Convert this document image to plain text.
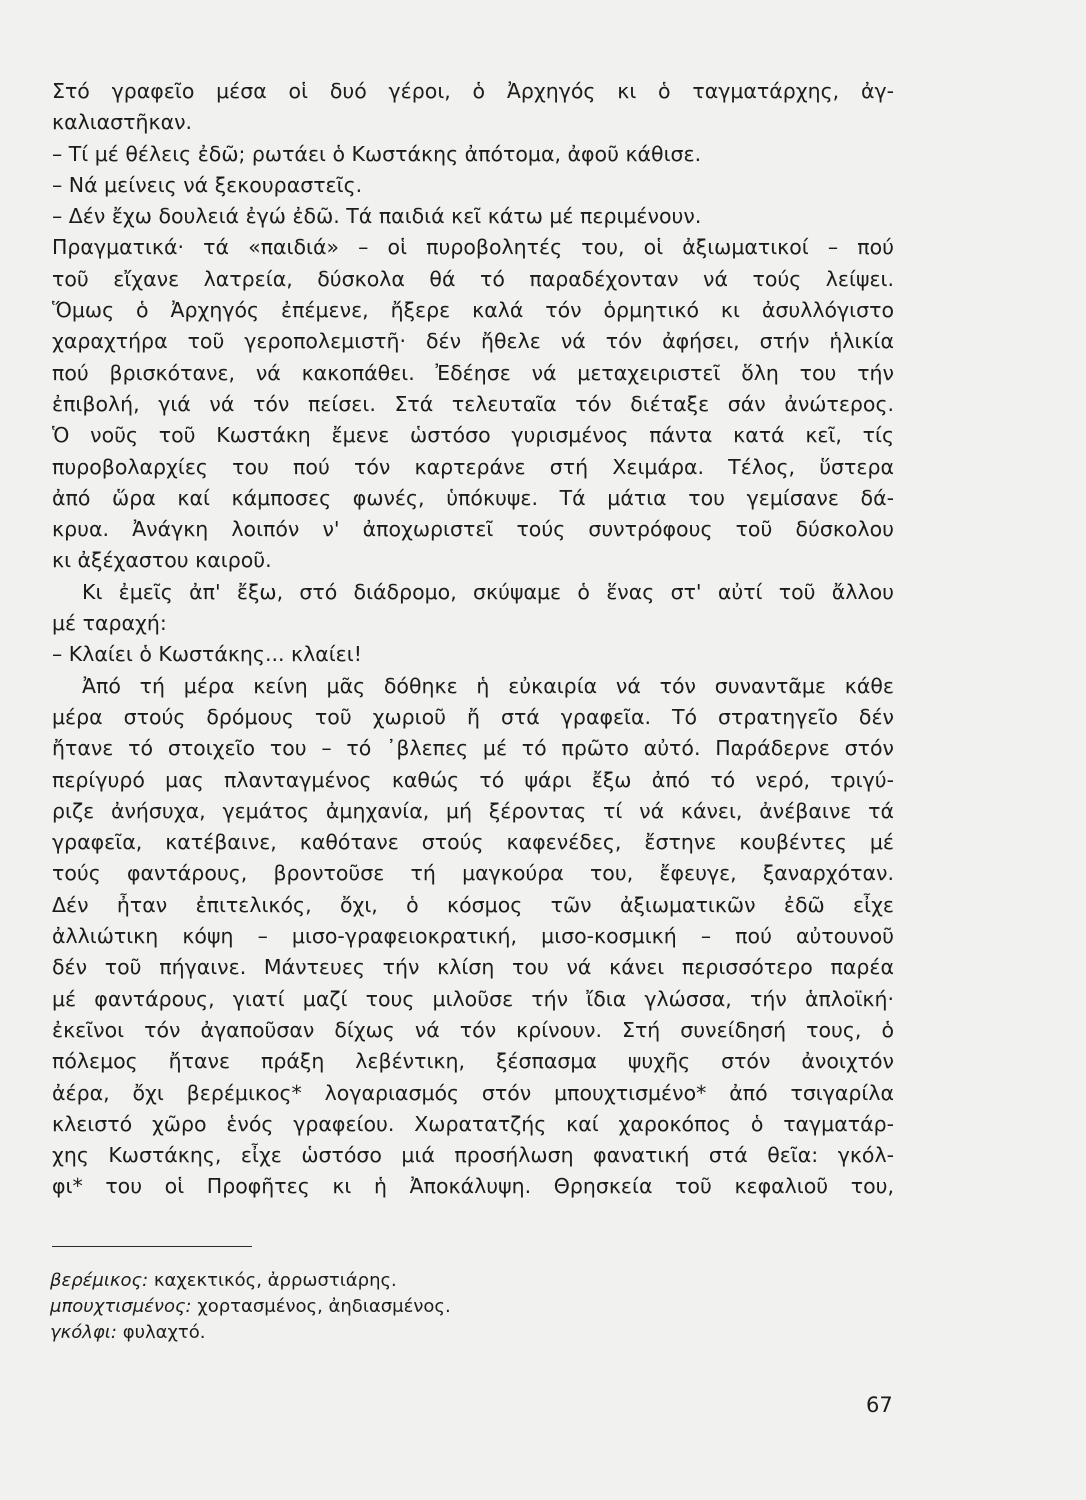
Στό γραφεῖο μέσα οἱ δυό γέροι, ὁ Ἀρχηγός κι ὁ ταγματάρχης, ἀγ-
καλιαστῆκαν.
– Τί μέ θέλεις ἐδῶ; ρωτάει ὁ Κωστάκης ἀπότομα, ἀφοῦ κάθισε.
– Νά μείνεις νά ξεκουραστεῖς.
– Δέν ἔχω δουλειά ἐγώ ἐδῶ. Τά παιδιά κεῖ κάτω μέ περιμένουν.
Πραγματικά· τά «παιδιά» – οἱ πυροβολητές του, οἱ ἀξιωματικοί – πού
τοῦ εἴχανε λατρεία, δύσκολα θά τό παραδέχονταν νά τούς λείψει.
Ὅμως ὁ Ἀρχηγός ἐπέμενε, ἤξερε καλά τόν ὁρμητικό κι ἀσυλλόγιστο
χαραχτήρα τοῦ γεροπολεμιστῆ· δέν ἤθελε νά τόν ἀφήσει, στήν ἡλικία
πού βρισκότανε, νά κακοπάθει. Ἐδέησε νά μεταχειριστεῖ ὅλη του τήν
ἐπιβολή, γιά νά τόν πείσει. Στά τελευταῖα τόν διέταξε σάν ἀνώτερος.
Ὁ νοῦς τοῦ Κωστάκη ἔμενε ὡστόσο γυρισμένος πάντα κατά κεῖ, τίς
πυροβολαρχίες του πού τόν καρτεράνε στή Χειμάρα. Τέλος, ὕστερα
ἀπό ὥρα καί κάμποσες φωνές, ὑπόκυψε. Τά μάτια του γεμίσανε δά-
κρυα. Ἀνάγκη λοιπόν ν' ἀποχωριστεῖ τούς συντρόφους τοῦ δύσκολου
κι ἀξέχαστου καιροῦ.
Κι ἐμεῖς ἀπ' ἔξω, στό διάδρομο, σκύψαμε ὁ ἕνας στ' αὐτί τοῦ ἄλλου
μέ ταραχή:
– Κλαίει ὁ Κωστάκης... κλαίει!
Ἀπό τή μέρα κείνη μᾶς δόθηκε ἡ εὐκαιρία νά τόν συναντᾶμε κάθε
μέρα στούς δρόμους τοῦ χωριοῦ ἤ στά γραφεῖα. Τό στρατηγεῖο δέν
ἤτανε τό στοιχεῖο του – τό ᾽βλεπες μέ τό πρῶτο αὐτό. Παράδερνε στόν
περίγυρό μας πλανταγμένος καθώς τό ψάρι ἔξω ἀπό τό νερό, τριγύ-
ριζε ἀνήσυχα, γεμάτος ἀμηχανία, μή ξέροντας τί νά κάνει, ἀνέβαινε τά
γραφεῖα, κατέβαινε, καθότανε στούς καφενέδες, ἔστηνε κουβέντες μέ
τούς φαντάρους, βροντοῦσε τή μαγκούρα του, ἔφευγε, ξαναρχόταν.
Δέν ἦταν ἐπιτελικός, ὄχι, ὁ κόσμος τῶν ἀξιωματικῶν ἐδῶ εἶχε
ἀλλιώτικη κόψη – μισο-γραφειοκρατική, μισο-κοσμική – πού αὐτουνοῦ
δέν τοῦ πήγαινε. Μάντευες τήν κλίση του νά κάνει περισσότερο παρέα
μέ φαντάρους, γιατί μαζί τους μιλοῦσε τήν ἴδια γλώσσα, τήν ἁπλοϊκή·
ἐκεῖνοι τόν ἀγαποῦσαν δίχως νά τόν κρίνουν. Στή συνείδησή τους, ὁ
πόλεμος ἤτανε πράξη λεβέντικη, ξέσπασμα ψυχῆς στόν ἀνοιχτόν
ἀέρα, ὄχι βερέμικος* λογαριασμός στόν μπουχτισμένο* ἀπό τσιγαρίλα
κλειστό χῶρο ἑνός γραφείου. Χωρατατζής καί χαροκόπος ὁ ταγματάρ-
χης Κωστάκης, εἶχε ὡστόσο μιά προσήλωση φανατική στά θεῖα: γκόλ-
φι* του οἱ Προφῆτες κι ἡ Ἀποκάλυψη. Θρησκεία τοῦ κεφαλιοῦ του,
βερέμικος: καχεκτικός, ἀρρωστιάρης.
μπουχτισμένος: χορτασμένος, ἀηδιασμένος.
γκόλφι: φυλαχτό.
67
